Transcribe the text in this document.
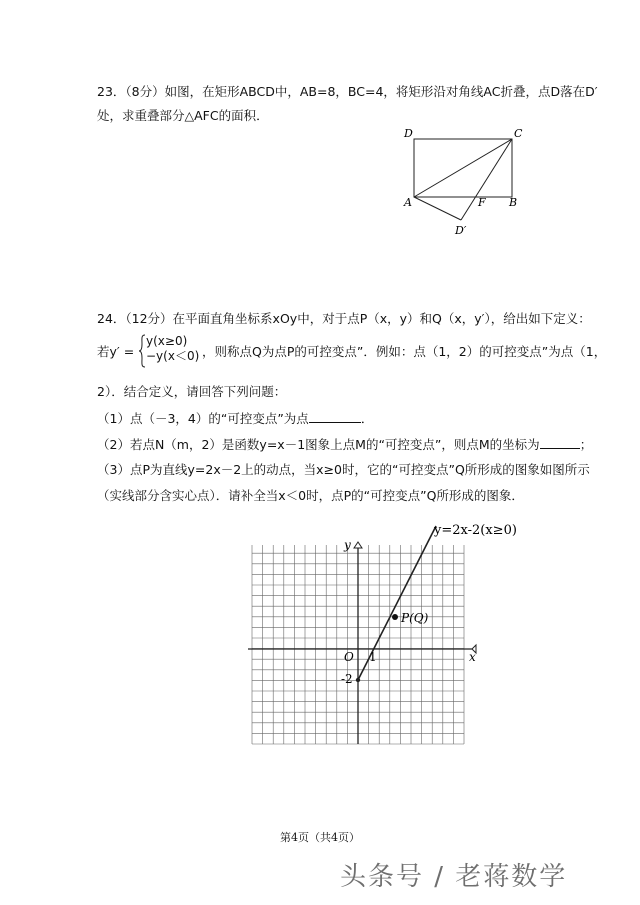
23．（8分）如图，在矩形ABCD中，AB=8，BC=4，将矩形沿对角线AC折叠，点D落在D′
处，求重叠部分△AFC的面积．
D	C
A	F B
D′
24．（12分）在平面直角坐标系xOy中，对于点P（x，y）和Q（x，y′），给出如下定义：
若y′ =
y(x≥0)
−y(x＜0) ，则称点Q为点P的可控变点”．例如：点（1，2）的可控变点”为点（1，
2）．结合定义，请回答下列问题：
（1）点（－3，4）的“可控变点”为点	．
（2）若点N（m，2）是函数y=x－1图象上点M的“可控变点”，则点M的坐标为	；
（3）点P为直线y=2x－2上的动点，当x≥0时，它的“可控变点”Q所形成的图象如图所示
（实线部分含实心点）．请补全当x＜0时，点P的“可控变点”Q所形成的图象．
y=2x-2(x≥0)
P(Q)
O 1
-2
x
y
第4页（共4页）
头条号 / 老蒋数学
